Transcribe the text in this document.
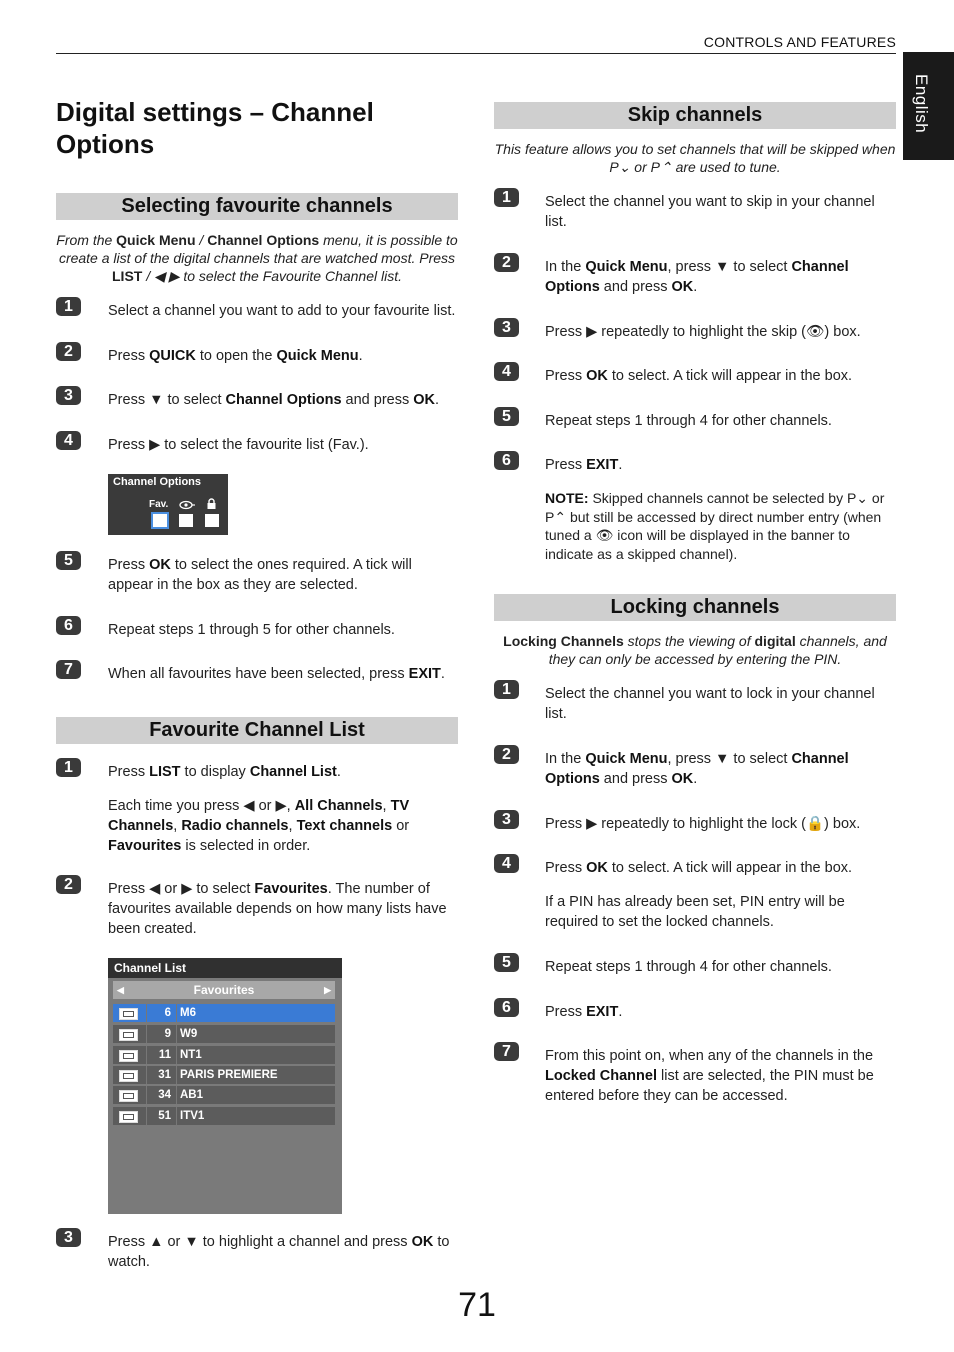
CONTROLS AND FEATURES
English
Digital settings – Channel Options
Selecting favourite channels
From the Quick Menu / Channel Options menu, it is possible to create a list of the digital channels that are watched most. Press LIST / ◀ ▶ to select the Favourite Channel list.
1	Select a channel you want to add to your favourite list.
2	Press QUICK to open the Quick Menu.
3	Press ▼ to select Channel Options and press OK.
4	Press ▶ to select the favourite list (Fav.).
Channel Options
Fav.
5	Press OK to select the ones required. A tick will appear in the box as they are selected.
6	Repeat steps 1 through 5 for other channels.
7	When all favourites have been selected, press EXIT.
Favourite Channel List
1	Press LIST to display Channel List.
Each time you press ◀ or ▶, All Channels, TV Channels, Radio channels, Text channels or Favourites is selected in order.
2	Press ◀ or ▶ to select Favourites. The number of favourites available depends on how many lists have been created.
Channel List
◀	Favourites	▶
6 M6
9 W9
11 NT1
31 PARIS PREMIERE
34 AB1
51 ITV1
3	Press ▲ or ▼ to highlight a channel and press OK to watch.
Skip channels
This feature allows you to set channels that will be skipped when P⌄ or P⌃ are used to tune.
1	Select the channel you want to skip in your channel list.
2	In the Quick Menu, press ▼ to select Channel Options and press OK.
3	Press ▶ repeatedly to highlight the skip (👁) box.
4	Press OK to select. A tick will appear in the box.
5	Repeat steps 1 through 4 for other channels.
6	Press EXIT.
NOTE: Skipped channels cannot be selected by P⌄ or P⌃ but still be accessed by direct number entry (when tuned a 👁 icon will be displayed in the banner to indicate as a skipped channel).
Locking channels
Locking Channels stops the viewing of digital channels, and they can only be accessed by entering the PIN.
1	Select the channel you want to lock in your channel list.
2	In the Quick Menu, press ▼ to select Channel Options and press OK.
3	Press ▶ repeatedly to highlight the lock (🔒) box.
4	Press OK to select. A tick will appear in the box.
If a PIN has already been set, PIN entry will be required to set the locked channels.
5	Repeat steps 1 through 4 for other channels.
6	Press EXIT.
7	From this point on, when any of the channels in the Locked Channel list are selected, the PIN must be entered before they can be accessed.
71
